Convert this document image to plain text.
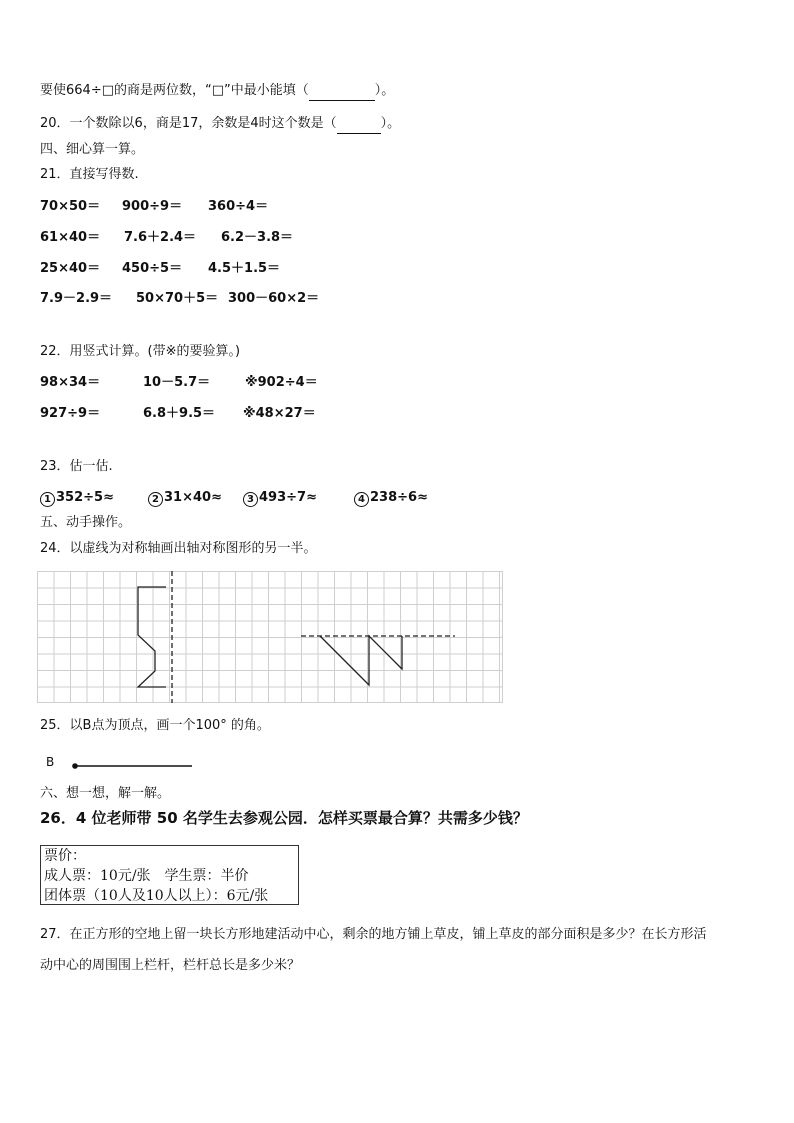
要使664÷□的商是两位数，“□”中最小能填（	）。
20．一个数除以6，商是17，余数是4时这个数是（	）。
四、细心算一算。
21．直接写得数.
70×50＝ 900÷9＝ 360÷4＝
61×40＝ 7.6＋2.4＝ 6.2－3.8＝
25×40＝ 450÷5＝ 4.5＋1.5＝
7.9－2.9＝ 50×70＋5＝ 300－60×2＝
22．用竖式计算。(带※的要验算。)
98×34＝	10－5.7＝	※902÷4＝
927÷9＝	6.8＋9.5＝ ※48×27＝
23．估一估.
1 352÷5≈	2 31×40≈	3 493÷7≈	4 238÷6≈
五、动手操作。
24．以虚线为对称轴画出轴对称图形的另一半。
25．以B点为顶点，画一个100° 的角。
B
六、想一想，解一解。
26．4 位老师带 50 名学生去参观公园．怎样买票最合算？共需多少钱？
票价：
成人票：10元/张　学生票：半价
团体票（10人及10人以上）：6元/张
27．在正方形的空地上留一块长方形地建活动中心，剩余的地方铺上草皮，铺上草皮的部分面积是多少？在长方形活
动中心的周围围上栏杆，栏杆总长是多少米？
